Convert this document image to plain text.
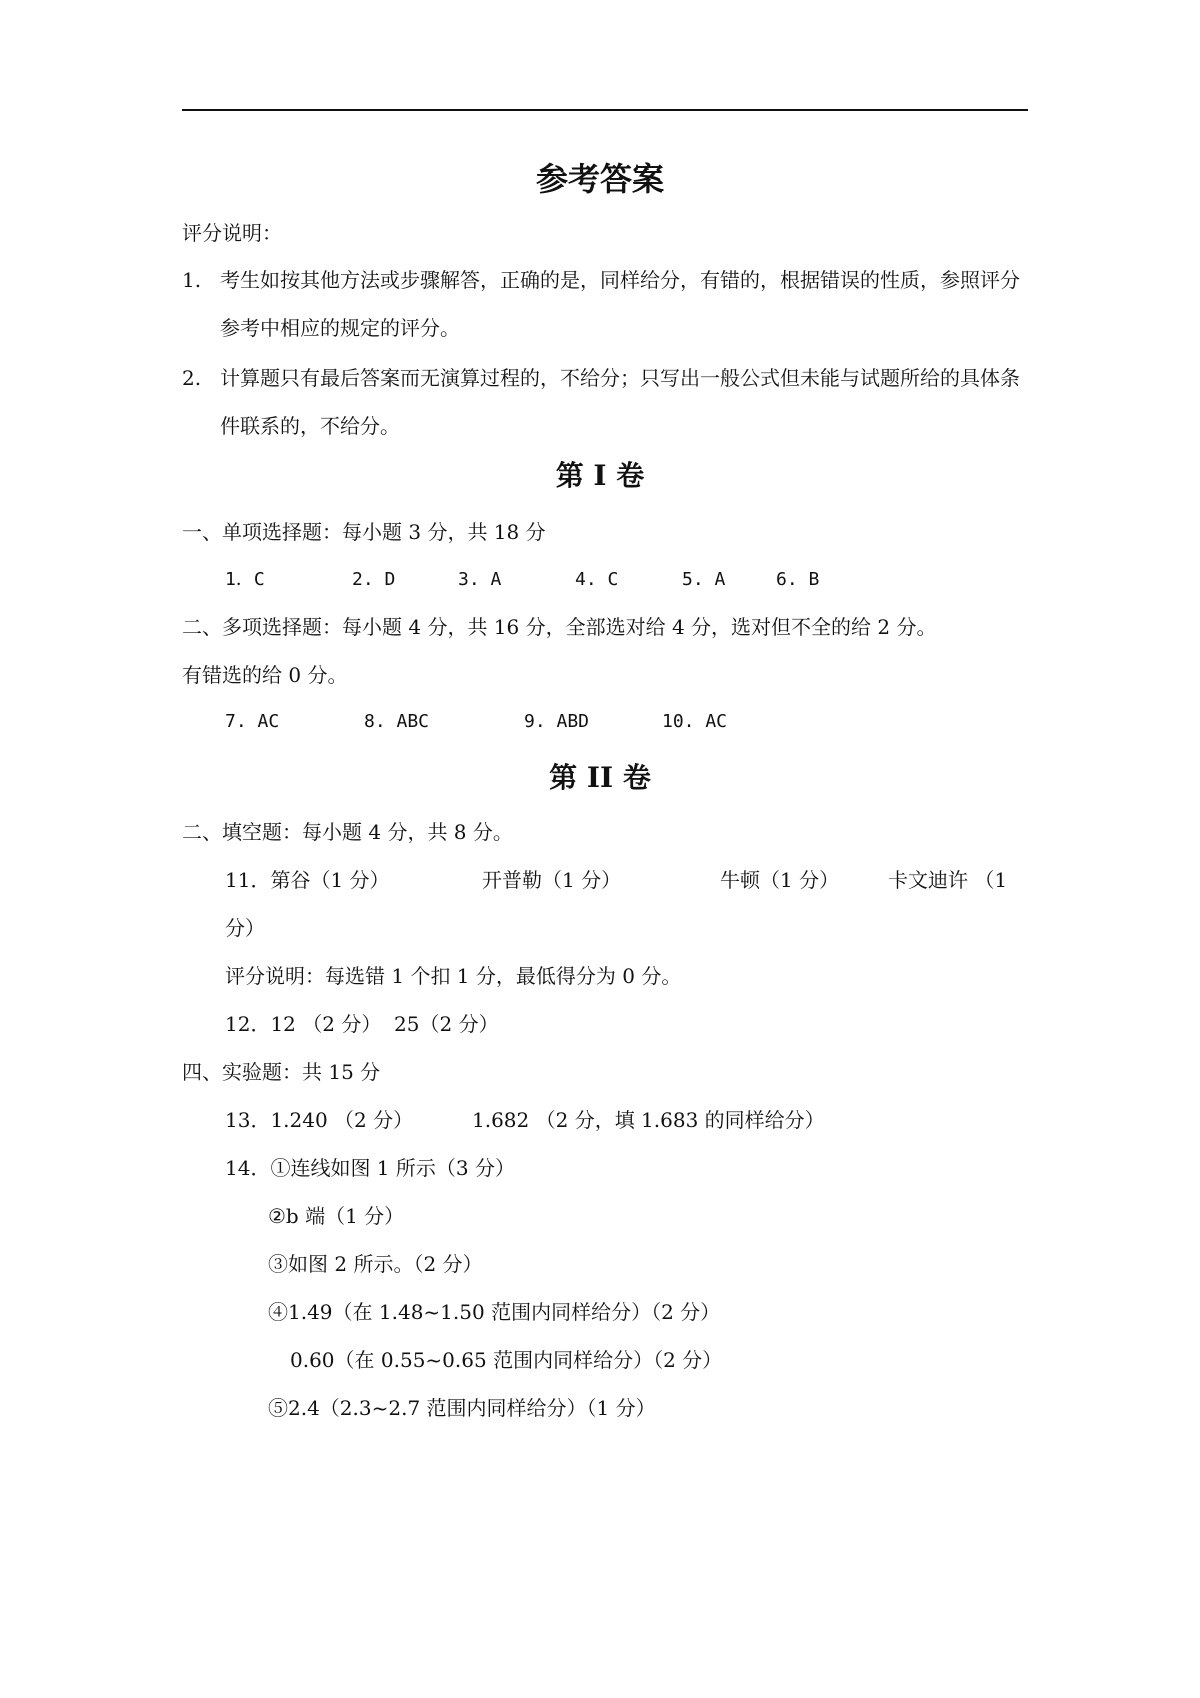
参考答案
评分说明：
1. 考生如按其他方法或步骤解答，正确的是，同样给分，有错的，根据错误的性质，参照评分参考中相应的规定的评分。
2. 计算题只有最后答案而无演算过程的，不给分；只写出一般公式但未能与试题所给的具体条件联系的，不给分。
第 I 卷
一、单项选择题：每小题 3 分，共 18 分
1．C	2. D	3. A	4. C	5. A	6. B
二、多项选择题：每小题 4 分，共 16 分，全部选对给 4 分，选对但不全的给 2 分。
有错选的给 0 分。
7. AC	8. ABC	9. ABD	10. AC
第 II 卷
二、填空题：每小题 4 分，共 8 分。
11．第谷（1 分）	开普勒（1 分）	牛顿（1 分） 卡文迪许 （1
分）
评分说明：每选错 1 个扣 1 分，最低得分为 0 分。
12．12 （2 分）  25（2 分）
四、实验题：共 15 分
13．1.240 （2 分）	1.682 （2 分，填 1.683 的同样给分）
14．①连线如图 1 所示（3 分）
②b 端（1 分）
③如图 2 所示。（2 分）
④1.49（在 1.48~1.50 范围内同样给分）（2 分）
0.60（在 0.55~0.65 范围内同样给分）（2 分）
⑤2.4（2.3~2.7 范围内同样给分）（1 分）
